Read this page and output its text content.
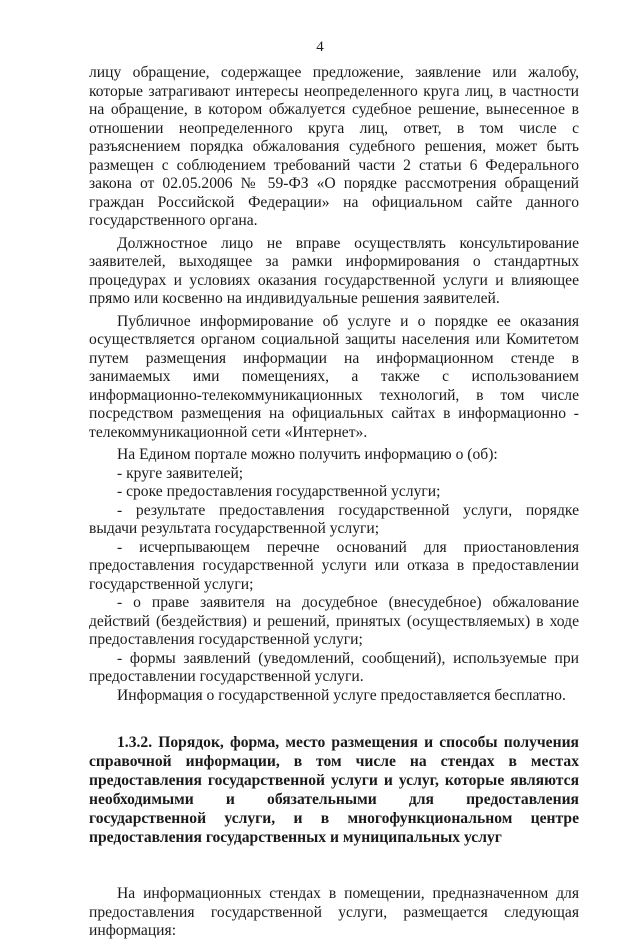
4

лицу обращение, содержащее предложение, заявление или жалобу, которые затрагивают интересы неопределенного круга лиц, в частности на обращение, в котором обжалуется судебное решение, вынесенное в отношении неопределенного круга лиц, ответ, в том числе с разъяснением порядка обжалования судебного решения, может быть размещен с соблюдением требований части 2 статьи 6 Федерального закона от 02.05.2006 № 59-ФЗ «О порядке рассмотрения обращений граждан Российской Федерации» на официальном сайте данного государственного органа.

Должностное лицо не вправе осуществлять консультирование заявителей, выходящее за рамки информирования о стандартных процедурах и условиях оказания государственной услуги и влияющее прямо или косвенно на индивидуальные решения заявителей.

Публичное информирование об услуге и о порядке ее оказания осуществляется органом социальной защиты населения или Комитетом путем размещения информации на информационном стенде в занимаемых ими помещениях, а также с использованием информационно-телекоммуникационных технологий, в том числе посредством размещения на официальных сайтах в информационно - телекоммуникационной сети «Интернет».

На Едином портале можно получить информацию о (об):

- круге заявителей;

- сроке предоставления государственной услуги;

- результате предоставления государственной услуги, порядке выдачи результата государственной услуги;

- исчерпывающем перечне оснований для приостановления предоставления государственной услуги или отказа в предоставлении государственной услуги;

- о праве заявителя на досудебное (внесудебное) обжалование действий (бездействия) и решений, принятых (осуществляемых) в ходе предоставления государственной услуги;

- формы заявлений (уведомлений, сообщений), используемые при предоставлении государственной услуги.

Информация о государственной услуге предоставляется бесплатно.

1.3.2. Порядок, форма, место размещения и способы получения справочной информации, в том числе на стендах в местах предоставления государственной услуги и услуг, которые являются необходимыми и обязательными для предоставления государственной услуги, и в многофункциональном центре предоставления государственных и муниципальных услуг

На информационных стендах в помещении, предназначенном для предоставления государственной услуги, размещается следующая информация:
